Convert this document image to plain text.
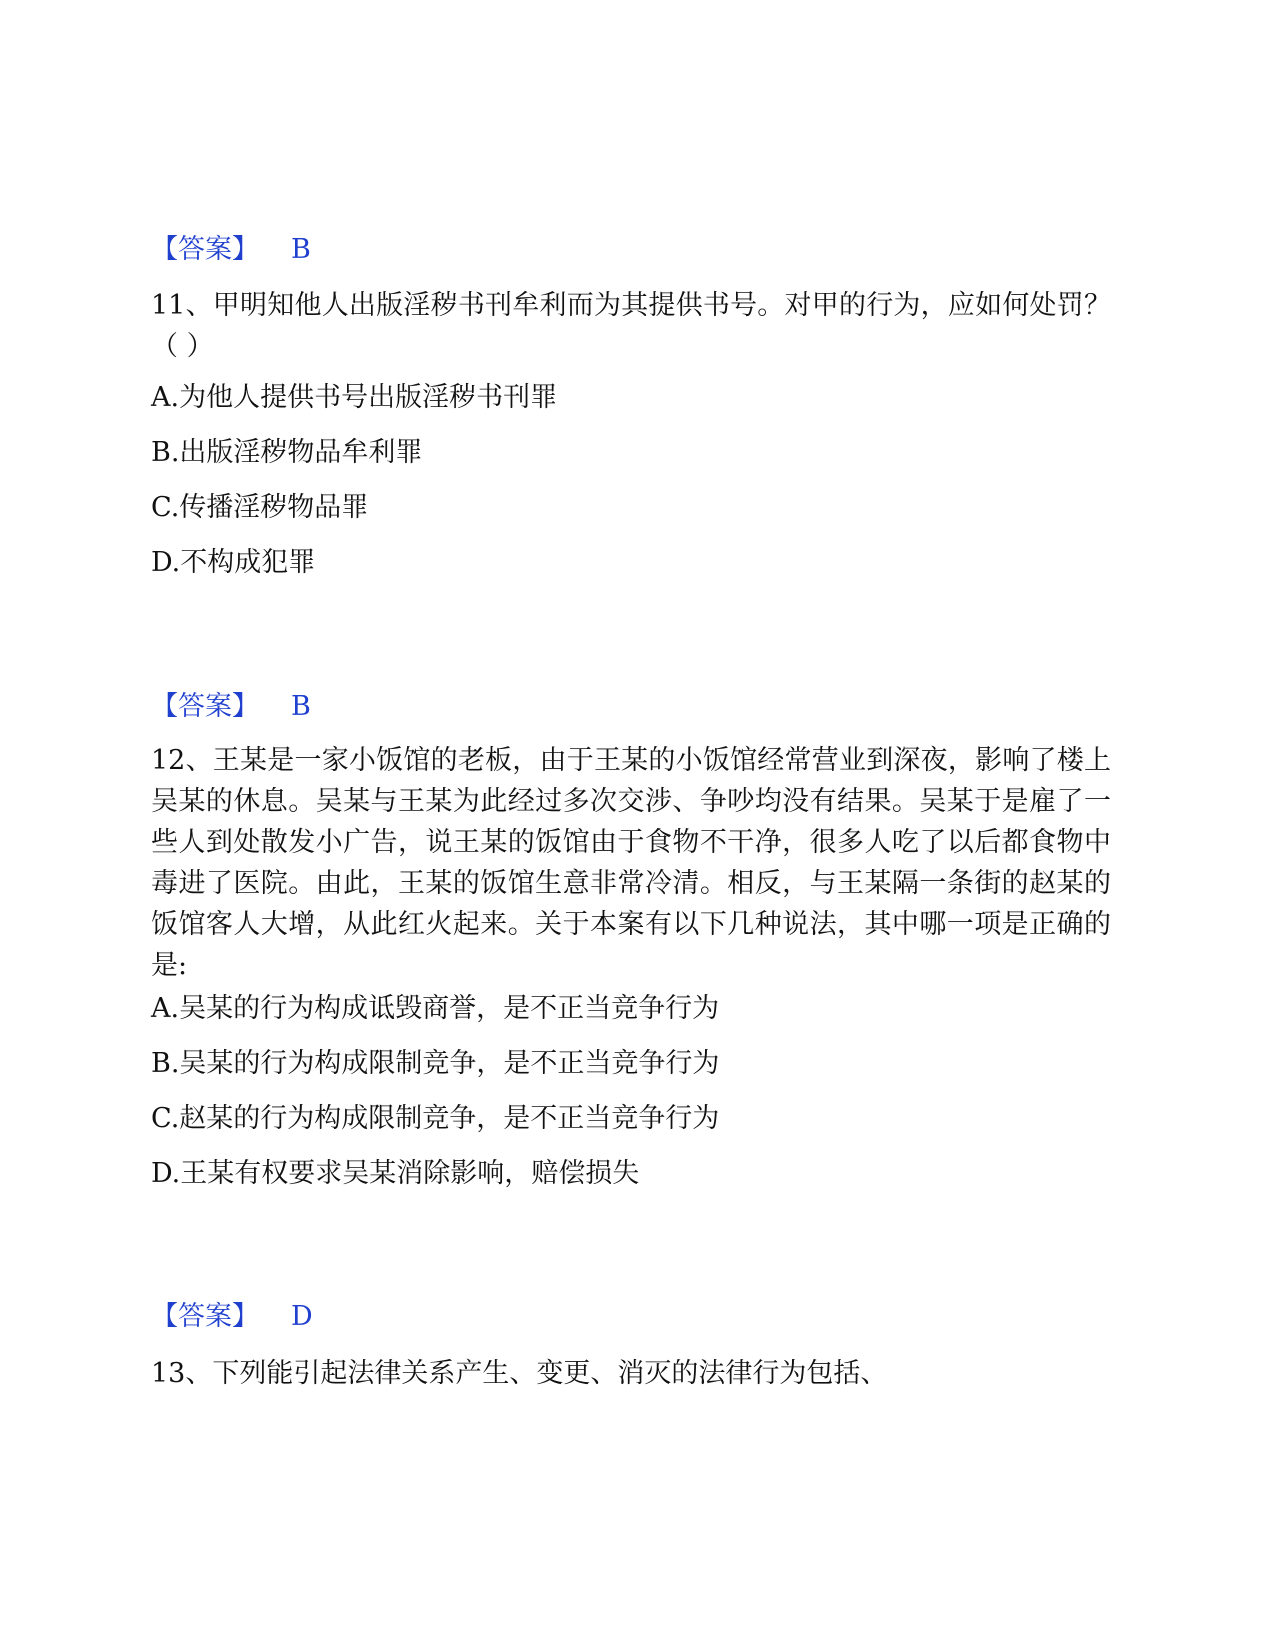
【答案】 B
11、甲明知他人出版淫秽书刊牟利而为其提供书号。对甲的行为，应如何处罚？（ ）
A.为他人提供书号出版淫秽书刊罪
B.出版淫秽物品牟利罪
C.传播淫秽物品罪
D.不构成犯罪
【答案】 B
12、王某是一家小饭馆的老板，由于王某的小饭馆经常营业到深夜，影响了楼上吴某的休息。吴某与王某为此经过多次交涉、争吵均没有结果。吴某于是雇了一些人到处散发小广告，说王某的饭馆由于食物不干净，很多人吃了以后都食物中毒进了医院。由此，王某的饭馆生意非常冷清。相反，与王某隔一条街的赵某的饭馆客人大增，从此红火起来。关于本案有以下几种说法，其中哪一项是正确的是:
A.吴某的行为构成诋毁商誉，是不正当竞争行为
B.吴某的行为构成限制竞争，是不正当竞争行为
C.赵某的行为构成限制竞争，是不正当竞争行为
D.王某有权要求吴某消除影响，赔偿损失
【答案】 D
13、下列能引起法律关系产生、变更、消灭的法律行为包括、
